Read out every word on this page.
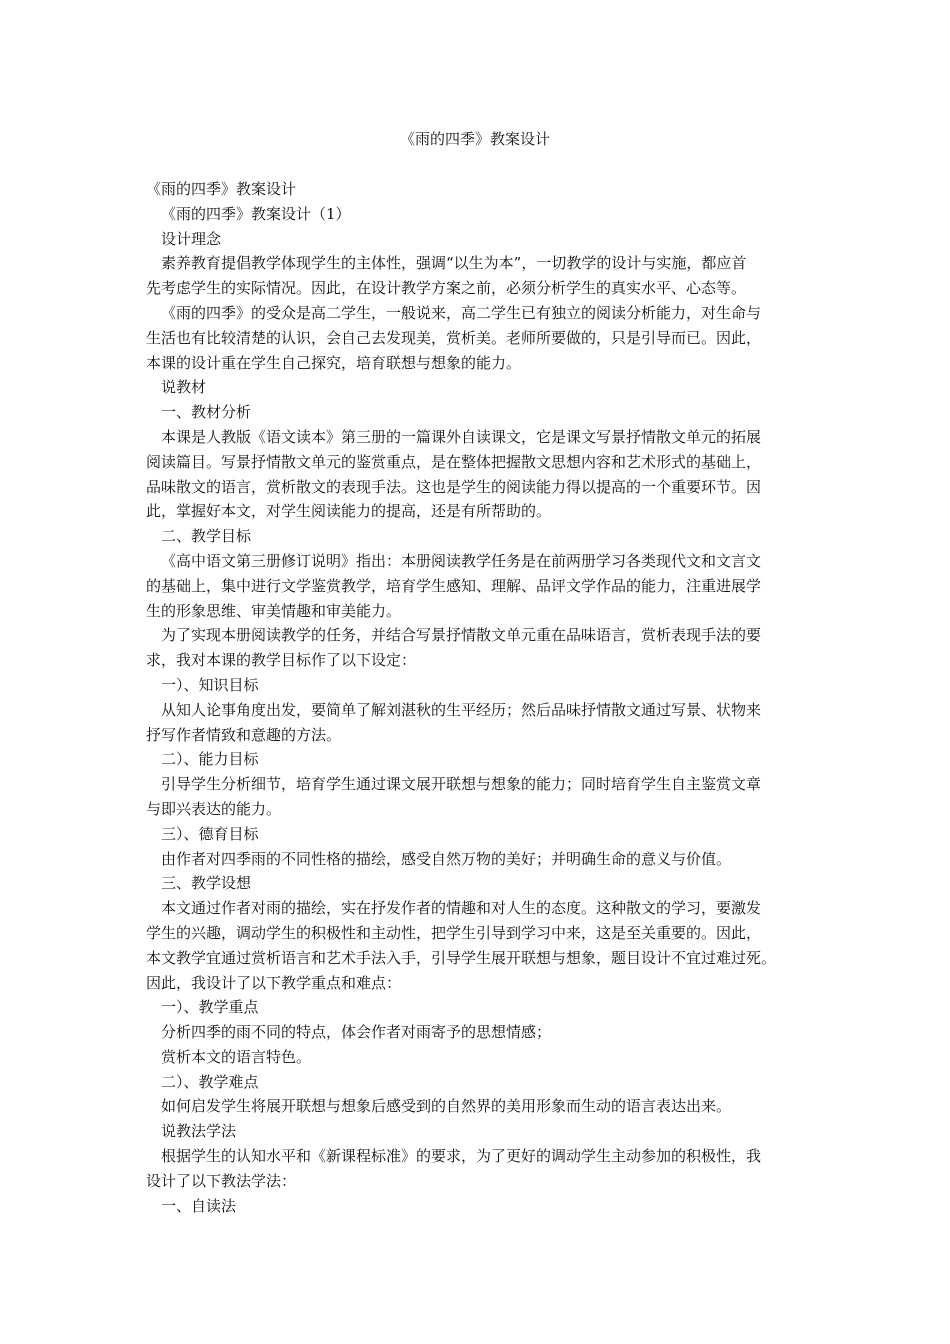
《雨的四季》教案设计

《雨的四季》教案设计

《雨的四季》教案设计（1）

设计理念

素养教育提倡教学体现学生的主体性，强调“以生为本”，一切教学的设计与实施，都应首

先考虑学生的实际情况。因此，在设计教学方案之前，必须分析学生的真实水平、心态等。

《雨的四季》的受众是高二学生，一般说来，高二学生已有独立的阅读分析能力，对生命与

生活也有比较清楚的认识，会自己去发现美，赏析美。老师所要做的，只是引导而已。因此，

本课的设计重在学生自己探究，培育联想与想象的能力。

说教材

一、教材分析

本课是人教版《语文读本》第三册的一篇课外自读课文，它是课文写景抒情散文单元的拓展

阅读篇目。写景抒情散文单元的鉴赏重点，是在整体把握散文思想内容和艺术形式的基础上，

品味散文的语言，赏析散文的表现手法。这也是学生的阅读能力得以提高的一个重要环节。因

此，掌握好本文，对学生阅读能力的提高，还是有所帮助的。

二、教学目标

《高中语文第三册修订说明》指出：本册阅读教学任务是在前两册学习各类现代文和文言文

的基础上，集中进行文学鉴赏教学，培育学生感知、理解、品评文学作品的能力，注重进展学

生的形象思维、审美情趣和审美能力。

为了实现本册阅读教学的任务，并结合写景抒情散文单元重在品味语言，赏析表现手法的要

求，我对本课的教学目标作了以下设定：

一）、知识目标

从知人论事角度出发，要简单了解刘湛秋的生平经历；然后品味抒情散文通过写景、状物来

抒写作者情致和意趣的方法。

二）、能力目标

引导学生分析细节，培育学生通过课文展开联想与想象的能力；同时培育学生自主鉴赏文章

与即兴表达的能力。

三）、德育目标

由作者对四季雨的不同性格的描绘，感受自然万物的美好；并明确生命的意义与价值。

三、教学设想

本文通过作者对雨的描绘，实在抒发作者的情趣和对人生的态度。这种散文的学习，要激发

学生的兴趣，调动学生的积极性和主动性，把学生引导到学习中来，这是至关重要的。因此，

本文教学宜通过赏析语言和艺术手法入手，引导学生展开联想与想象，题目设计不宜过难过死。

因此，我设计了以下教学重点和难点：

一）、教学重点

分析四季的雨不同的特点，体会作者对雨寄予的思想情感；

赏析本文的语言特色。

二）、教学难点

如何启发学生将展开联想与想象后感受到的自然界的美用形象而生动的语言表达出来。

说教法学法

根据学生的认知水平和《新课程标准》的要求，为了更好的调动学生主动参加的积极性，我

设计了以下教法学法：

一、自读法
